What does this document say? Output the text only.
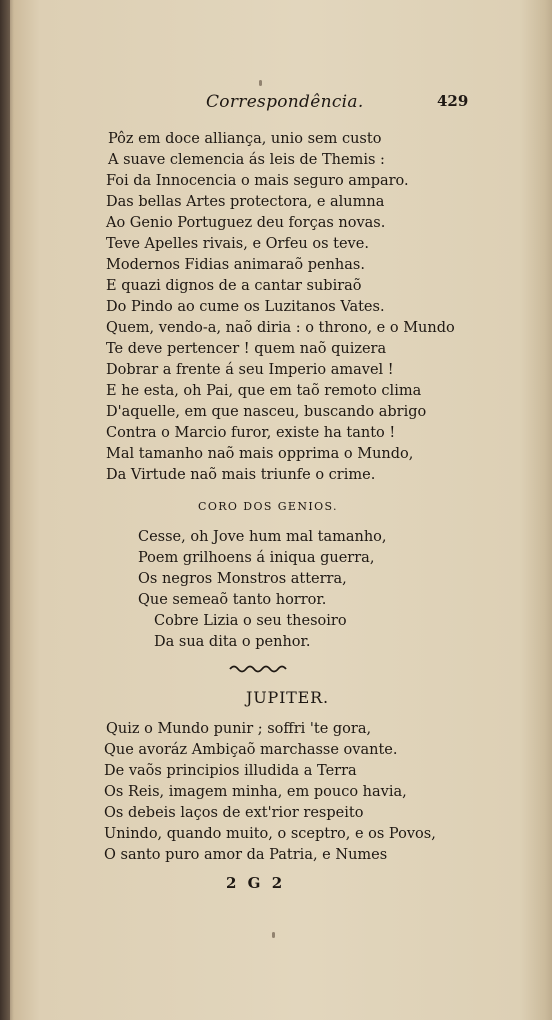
Correspondência.	429
Pôz em doce alliança, unio sem custo
A suave clemencia ás leis de Themis :
Foi da Innocencia o mais seguro amparo.
Das bellas Artes protectora, e alumna
Ao Genio Portuguez deu forças novas.
Teve Apelles rivais, e Orfeu os teve.
Modernos Fidias animaraõ penhas.
E quazi dignos de a cantar subiraõ
Do Pindo ao cume os Luzitanos Vates.
Quem, vendo-a, naõ diria : o throno, e o Mundo
Te deve pertencer ! quem naõ quizera
Dobrar a frente á seu Imperio amavel !
E he esta, oh Pai, que em taõ remoto clima
D'aquelle, em que nasceu, buscando abrigo
Contra o Marcio furor, existe ha tanto !
Mal tamanho naõ mais opprima o Mundo,
Da Virtude naõ mais triunfe o crime.
CORO DOS GENIOS.
Cesse, oh Jove hum mal tamanho,
Poem grilhoens á iniqua guerra,
Os negros Monstros atterra,
Que semeaõ tanto horror.
Cobre Lizia o seu thesoiro
Da sua dita o penhor.
JUPITER.
Quiz o Mundo punir ; soffri 'te gora,
Que avoráz Ambiçaõ marchasse ovante.
De vaõs principios illudida a Terra
Os Reis, imagem minha, em pouco havia,
Os debeis laços de ext'rior respeito
Unindo, quando muito, o sceptro, e os Povos,
O santo puro amor da Patria, e Numes
2 G 2
